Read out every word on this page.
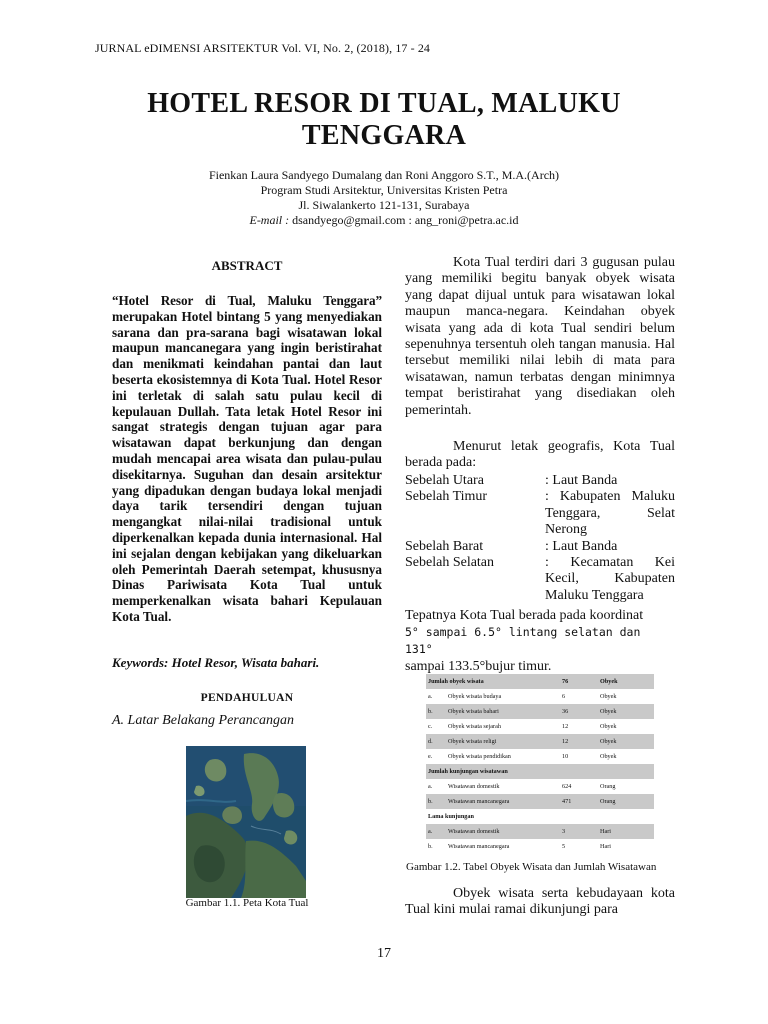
JURNAL eDIMENSI ARSITEKTUR Vol. VI, No. 2, (2018), 17 - 24
HOTEL RESOR DI TUAL, MALUKU
TENGGARA
Fienkan Laura Sandyego Dumalang dan Roni Anggoro S.T., M.A.(Arch)
Program Studi Arsitektur, Universitas Kristen Petra
Jl. Siwalankerto 121-131, Surabaya
E-mail : dsandyego@gmail.com : ang_roni@petra.ac.id
ABSTRACT
“Hotel Resor di Tual, Maluku Tenggara” merupakan Hotel bintang 5 yang menyediakan sarana dan pra-sarana bagi wisatawan lokal maupun mancanegara yang ingin beristirahat dan menikmati keindahan pantai dan laut beserta ekosistemnya di Kota Tual. Hotel Resor ini terletak di salah satu pulau kecil di kepulauan Dullah. Tata letak Hotel Resor ini sangat strategis dengan tujuan agar para wisatawan dapat berkunjung dan dengan mudah mencapai area wisata dan pulau-pulau disekitarnya. Suguhan dan desain arsitektur yang dipadukan dengan budaya lokal menjadi daya tarik tersendiri dengan tujuan mengangkat nilai-nilai tradisional untuk diperkenalkan kepada dunia internasional. Hal ini sejalan dengan kebijakan yang dikeluarkan oleh Pemerintah Daerah setempat, khususnya Dinas Pariwisata Kota Tual untuk memperkenalkan wisata bahari Kepulauan Kota Tual.
Keywords: Hotel Resor, Wisata bahari.
PENDAHULUAN
A. Latar Belakang Perancangan
Gambar 1.1. Peta Kota Tual
Kota Tual terdiri dari 3 gugusan pulau yang memiliki begitu banyak obyek wisata yang dapat dijual untuk para wisatawan lokal maupun manca-negara. Keindahan obyek wisata yang ada di kota Tual sendiri belum sepenuhnya tersentuh oleh tangan manusia. Hal tersebut memiliki nilai lebih di mata para wisatawan, namun terbatas dengan minimnya tempat beristirahat yang disediakan oleh pemerintah.
Menurut letak geografis, Kota Tual berada pada:
Sebelah Utara	: Laut Banda
Sebelah Timur	: Kabupaten Maluku Tenggara, Selat Nerong
Sebelah Barat	: Laut Banda
Sebelah Selatan	: Kecamatan Kei Kecil, Kabupaten Maluku Tenggara
Tepatnya Kota Tual berada pada koordinat
5° sampai 6.5° lintang selatan dan 131°
sampai 133.5°bujur timur.
Jumlah obyek wisata		76	Obyek
a.	Obyek wisata budaya	6	Obyek
b.	Obyek wisata bahari	36	Obyek
c.	Obyek wisata sejarah	12	Obyek
d.	Obyek wisata religi	12	Obyek
e.	Obyek wisata pendidikan	10	Obyek
Jumlah kunjungan wisatawan			
a.	Wisatawan domestik	624	Orang
b.	Wisatawan mancanegara	471	Orang
Lama kunjungan			
a.	Wisatawan domestik	3	Hari
b.	Wisatawan mancanegara	5	Hari
Gambar 1.2. Tabel Obyek Wisata dan Jumlah Wisatawan
Obyek wisata serta kebudayaan kota Tual kini mulai ramai dikunjungi para
17
